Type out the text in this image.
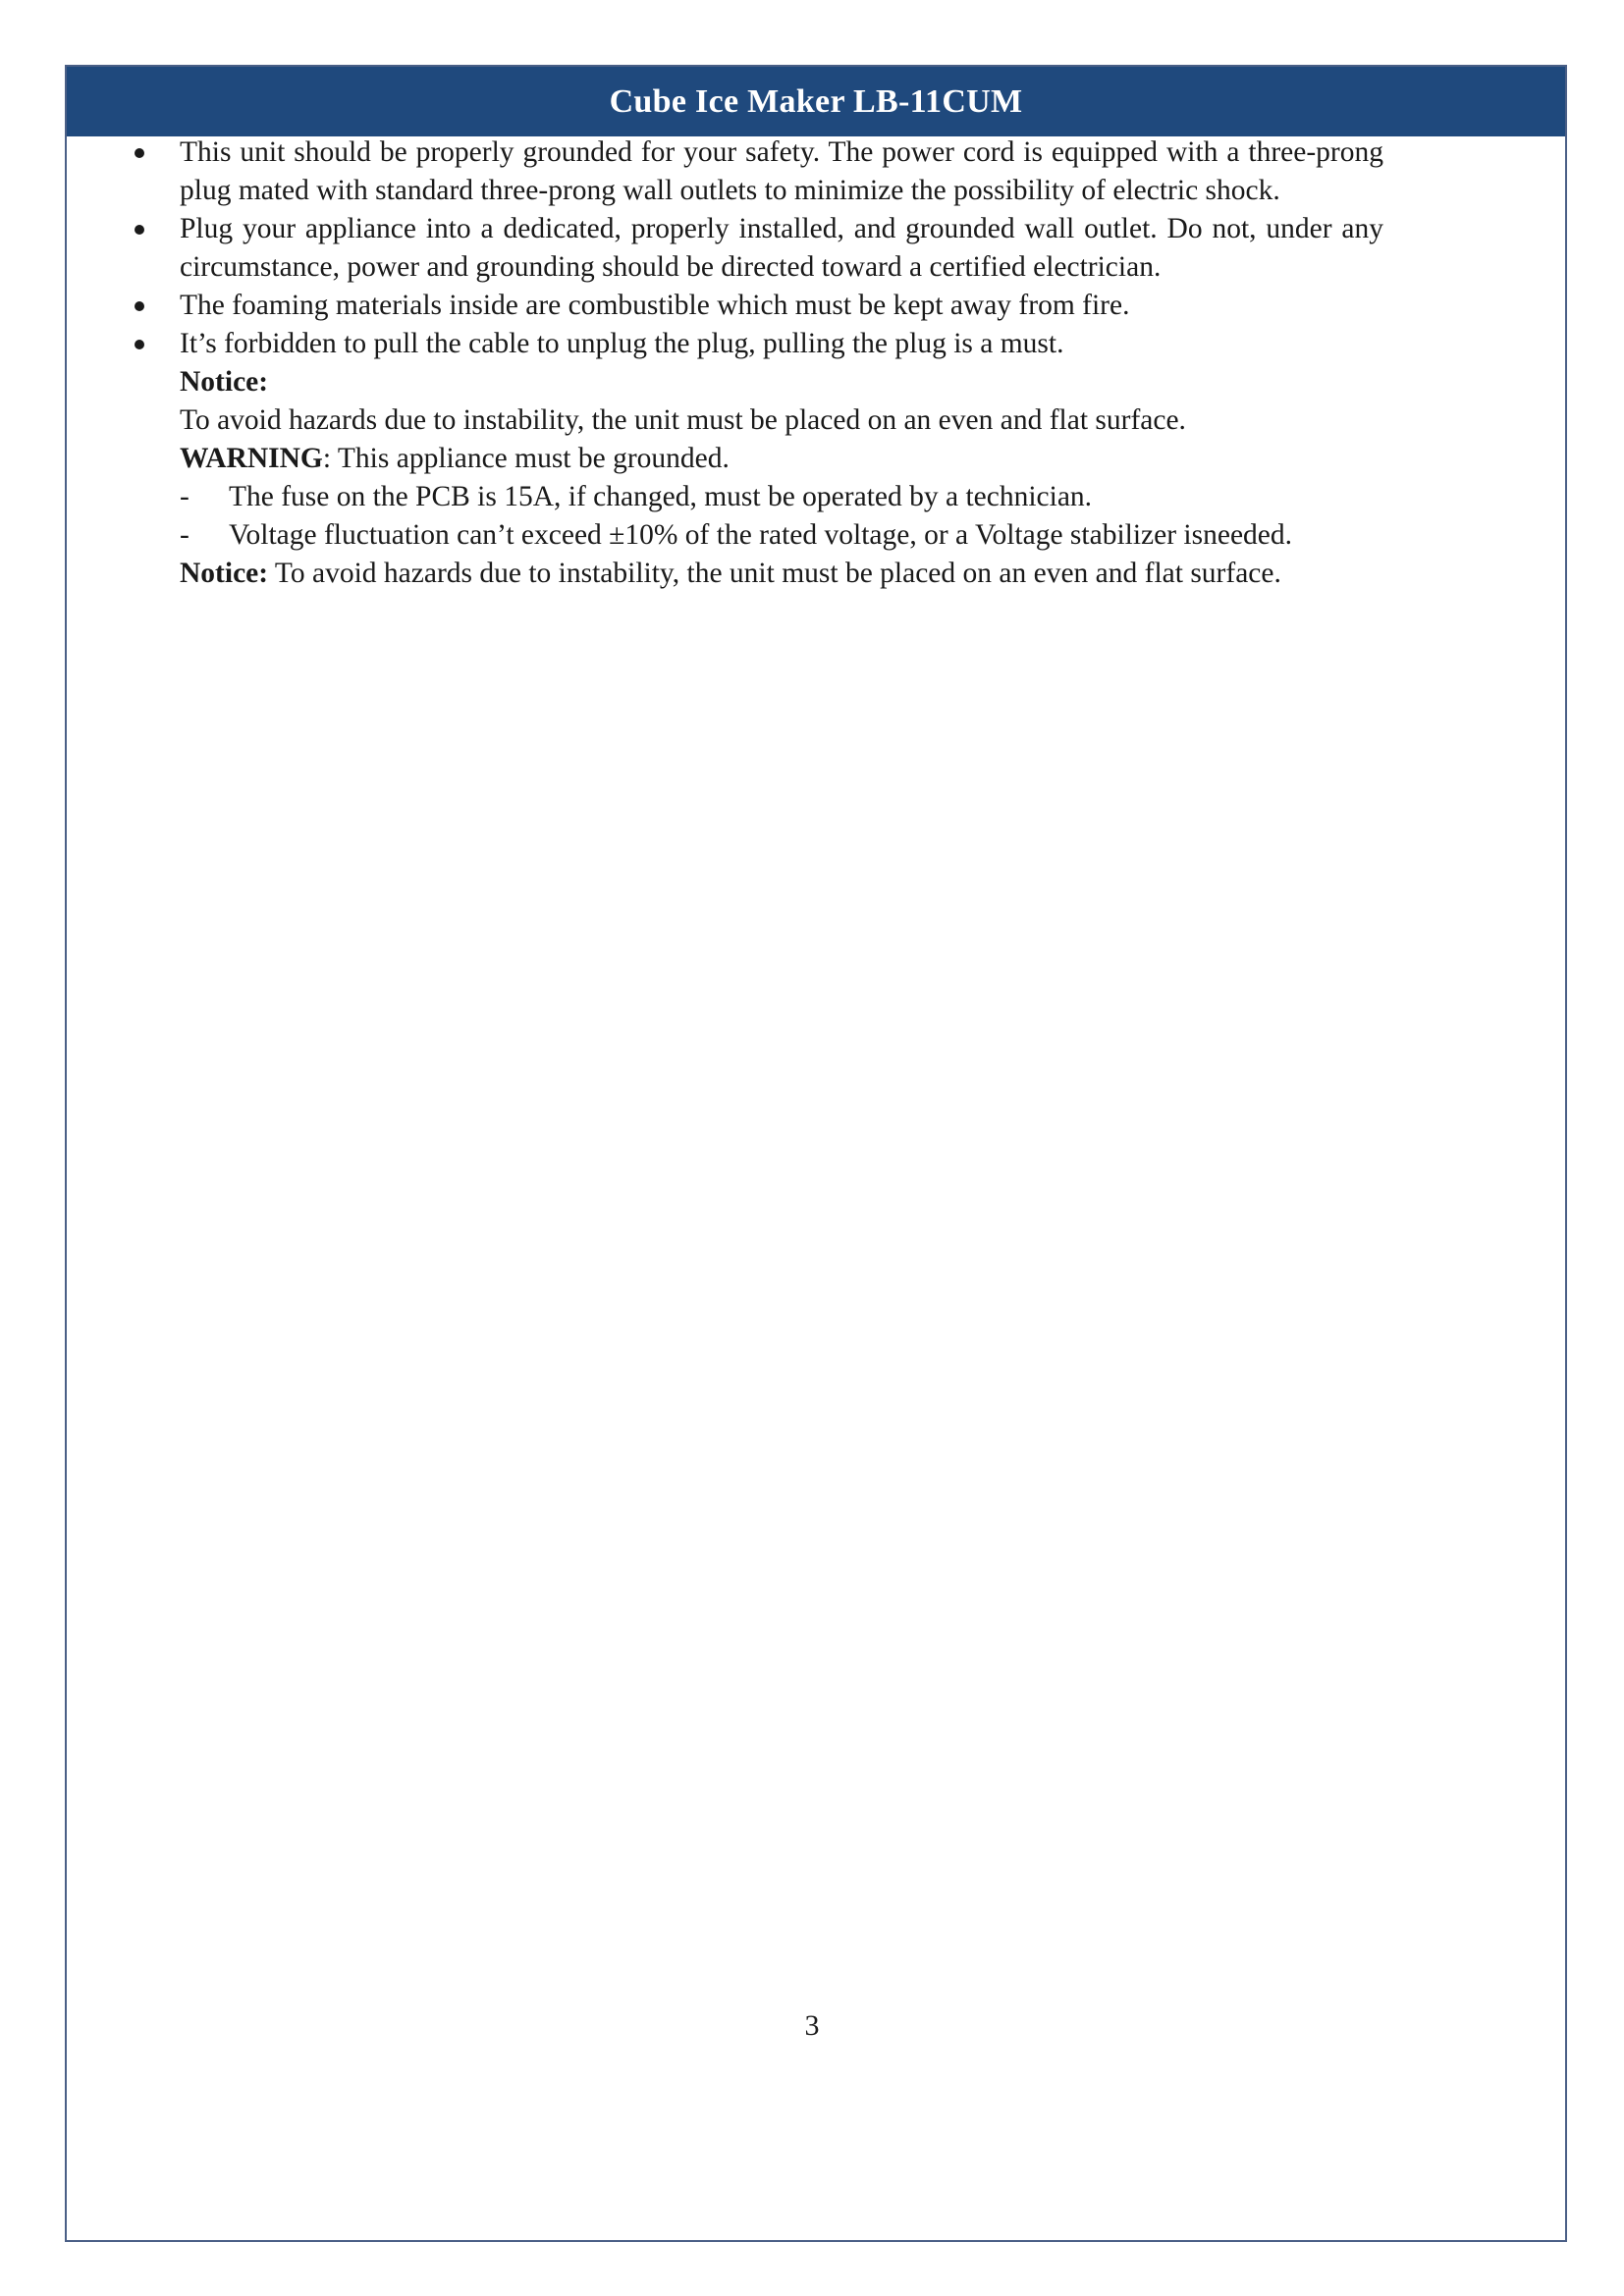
Cube Ice Maker LB-11CUM
This unit should be properly grounded for your safety. The power cord is equipped with a three-prong plug mated with standard three-prong wall outlets to minimize the possibility of electric shock.
Plug your appliance into a dedicated, properly installed, and grounded wall outlet. Do not, under any circumstance, power and grounding should be directed toward a certified electrician.
The foaming materials inside are combustible which must be kept away from fire.
It’s forbidden to pull the cable to unplug the plug, pulling the plug is a must.

Notice:

To avoid hazards due to instability, the unit must be placed on an even and flat surface.

WARNING: This appliance must be grounded.

- The fuse on the PCB is 15A, if changed, must be operated by a technician.
- Voltage fluctuation can’t exceed ±10% of the rated voltage, or a Voltage stabilizer isneeded.

Notice: To avoid hazards due to instability, the unit must be placed on an even and flat surface.

3
